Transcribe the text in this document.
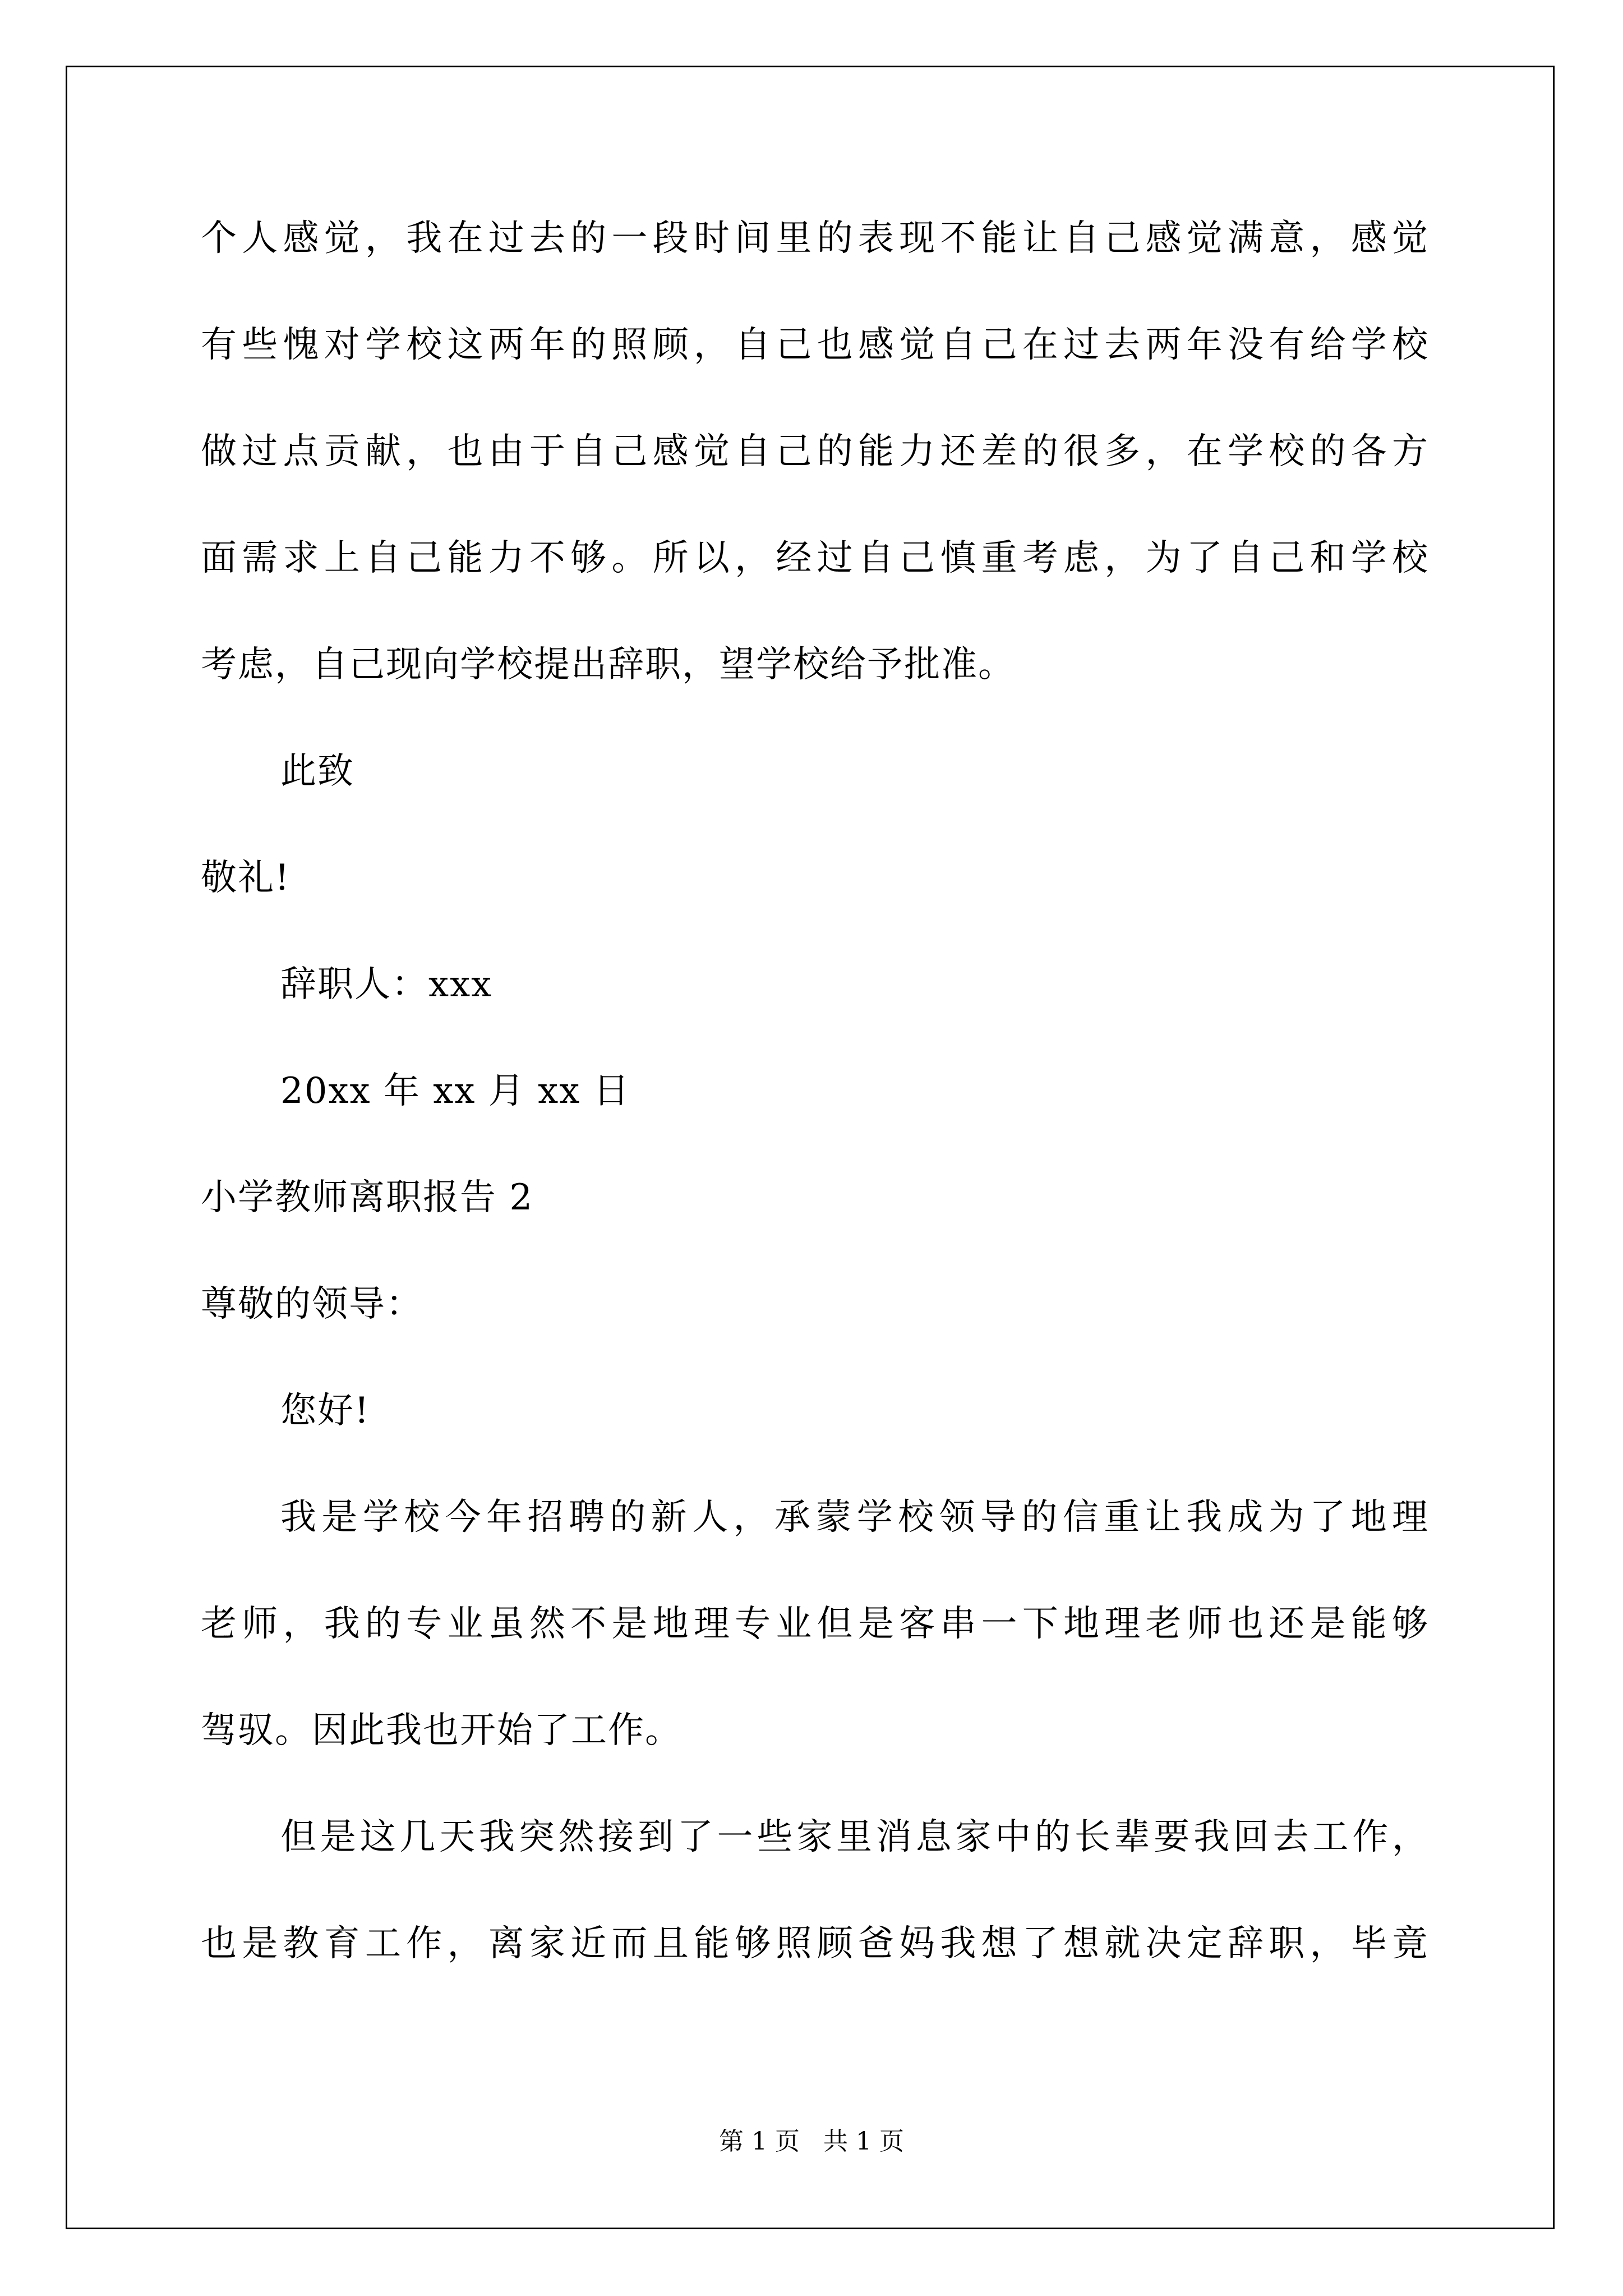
个人感觉，我在过去的一段时间里的表现不能让自己感觉满意，感觉
有些愧对学校这两年的照顾，自己也感觉自己在过去两年没有给学校
做过点贡献，也由于自己感觉自己的能力还差的很多，在学校的各方
面需求上自己能力不够。所以，经过自己慎重考虑，为了自己和学校
考虑，自己现向学校提出辞职，望学校给予批准。
此致
敬礼!
辞职人：xxx
20xx 年 xx 月 xx 日
小学教师离职报告 2
尊敬的领导：
您好!
我是学校今年招聘的新人，承蒙学校领导的信重让我成为了地理
老师，我的专业虽然不是地理专业但是客串一下地理老师也还是能够
驾驭。因此我也开始了工作。
但是这几天我突然接到了一些家里消息家中的长辈要我回去工作，
也是教育工作，离家近而且能够照顾爸妈我想了想就决定辞职，毕竟
第 1 页 共 1 页
